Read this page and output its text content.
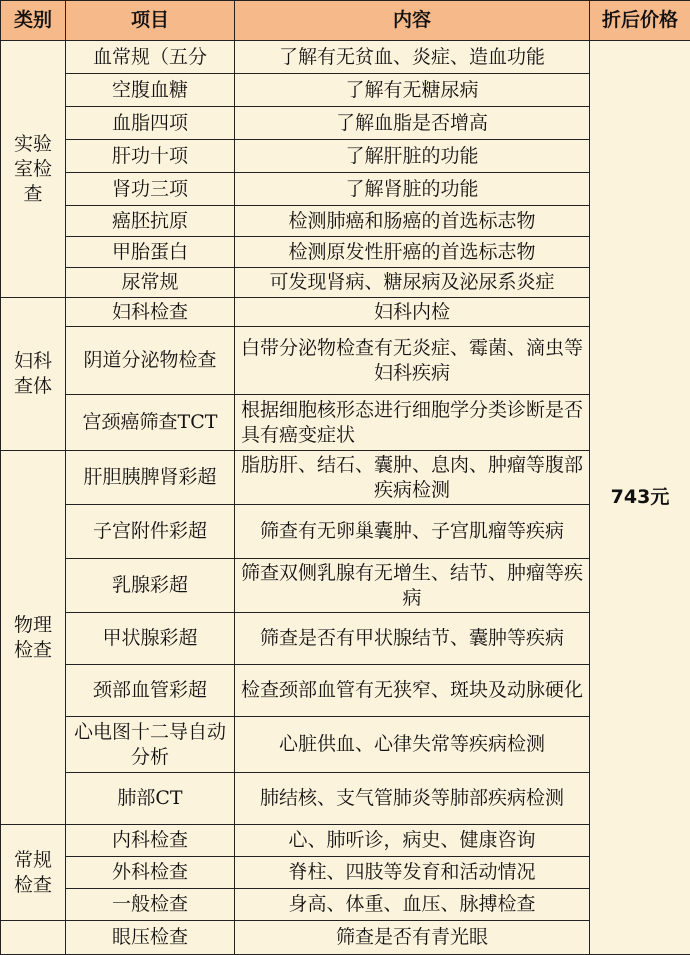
类别	项目	内容	折后价格
实验室检查	血常规（五分	了解有无贫血、炎症、造血功能	743元
	空腹血糖	了解有无糖尿病	
	血脂四项	了解血脂是否增高	
	肝功十项	了解肝脏的功能	
	肾功三项	了解肾脏的功能	
	癌胚抗原	检测肺癌和肠癌的首选标志物	
	甲胎蛋白	检测原发性肝癌的首选标志物	
	尿常规	可发现肾病、糖尿病及泌尿系炎症	
妇科查体	妇科检查	妇科内检	
	阴道分泌物检查	白带分泌物检查有无炎症、霉菌、滴虫等妇科疾病	
	宫颈癌筛查TCT	根据细胞核形态进行细胞学分类诊断是否具有癌变症状	
物理检查	肝胆胰脾肾彩超	脂肪肝、结石、囊肿、息肉、肿瘤等腹部疾病检测	
	子宫附件彩超	筛查有无卵巢囊肿、子宫肌瘤等疾病	
	乳腺彩超	筛查双侧乳腺有无增生、结节、肿瘤等疾病	
	甲状腺彩超	筛查是否有甲状腺结节、囊肿等疾病	
	颈部血管彩超	检查颈部血管有无狭窄、斑块及动脉硬化	
	心电图十二导自动分析	心脏供血、心律失常等疾病检测	
	肺部CT	肺结核、支气管肺炎等肺部疾病检测	
常规检查	内科检查	心、肺听诊，病史、健康咨询	
	外科检查	脊柱、四肢等发育和活动情况	
	一般检查	身高、体重、血压、脉搏检查	
	眼压检查	筛查是否有青光眼	
